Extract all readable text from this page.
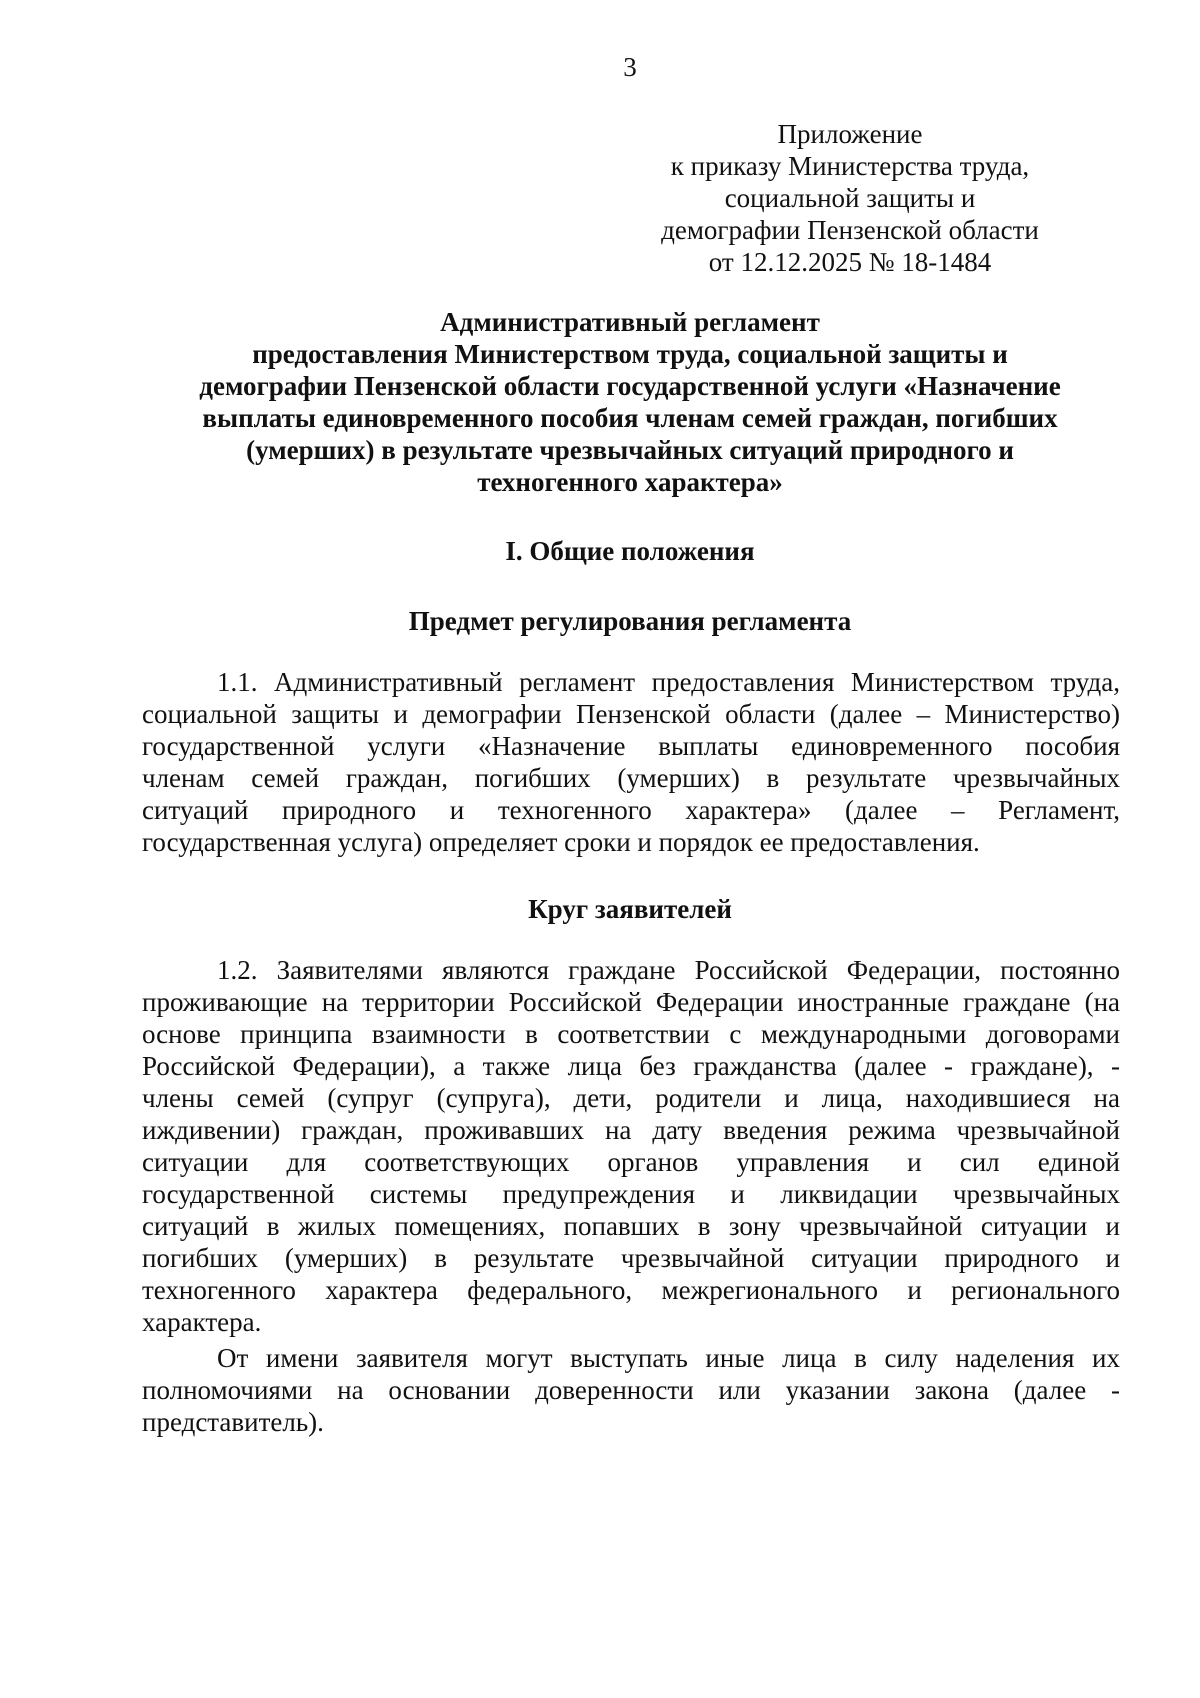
3
Приложение
к приказу Министерства труда,
социальной защиты и
демографии Пензенской области
от 12.12.2025 № 18-1484
Административный регламент
предоставления Министерством труда, социальной защиты и
демографии Пензенской области государственной услуги «Назначение
выплаты единовременного пособия членам семей граждан, погибших
(умерших) в результате чрезвычайных ситуаций природного и
техногенного характера»
I. Общие положения
Предмет регулирования регламента
1.1. Административный регламент предоставления Министерством труда,
социальной защиты и демографии Пензенской области (далее – Министерство)
государственной услуги «Назначение выплаты единовременного пособия
членам семей граждан, погибших (умерших) в результате чрезвычайных
ситуаций природного и техногенного характера» (далее – Регламент,
государственная услуга) определяет сроки и порядок ее предоставления.
Круг заявителей
1.2. Заявителями являются граждане Российской Федерации, постоянно
проживающие на территории Российской Федерации иностранные граждане (на
основе принципа взаимности в соответствии с международными договорами
Российской Федерации), а также лица без гражданства (далее - граждане), -
члены семей (супруг (супруга), дети, родители и лица, находившиеся на
иждивении) граждан, проживавших на дату введения режима чрезвычайной
ситуации для соответствующих органов управления и сил единой
государственной системы предупреждения и ликвидации чрезвычайных
ситуаций в жилых помещениях, попавших в зону чрезвычайной ситуации и
погибших (умерших) в результате чрезвычайной ситуации природного и
техногенного характера федерального, межрегионального и регионального
характера.
От имени заявителя могут выступать иные лица в силу наделения их
полномочиями на основании доверенности или указании закона (далее -
представитель).
